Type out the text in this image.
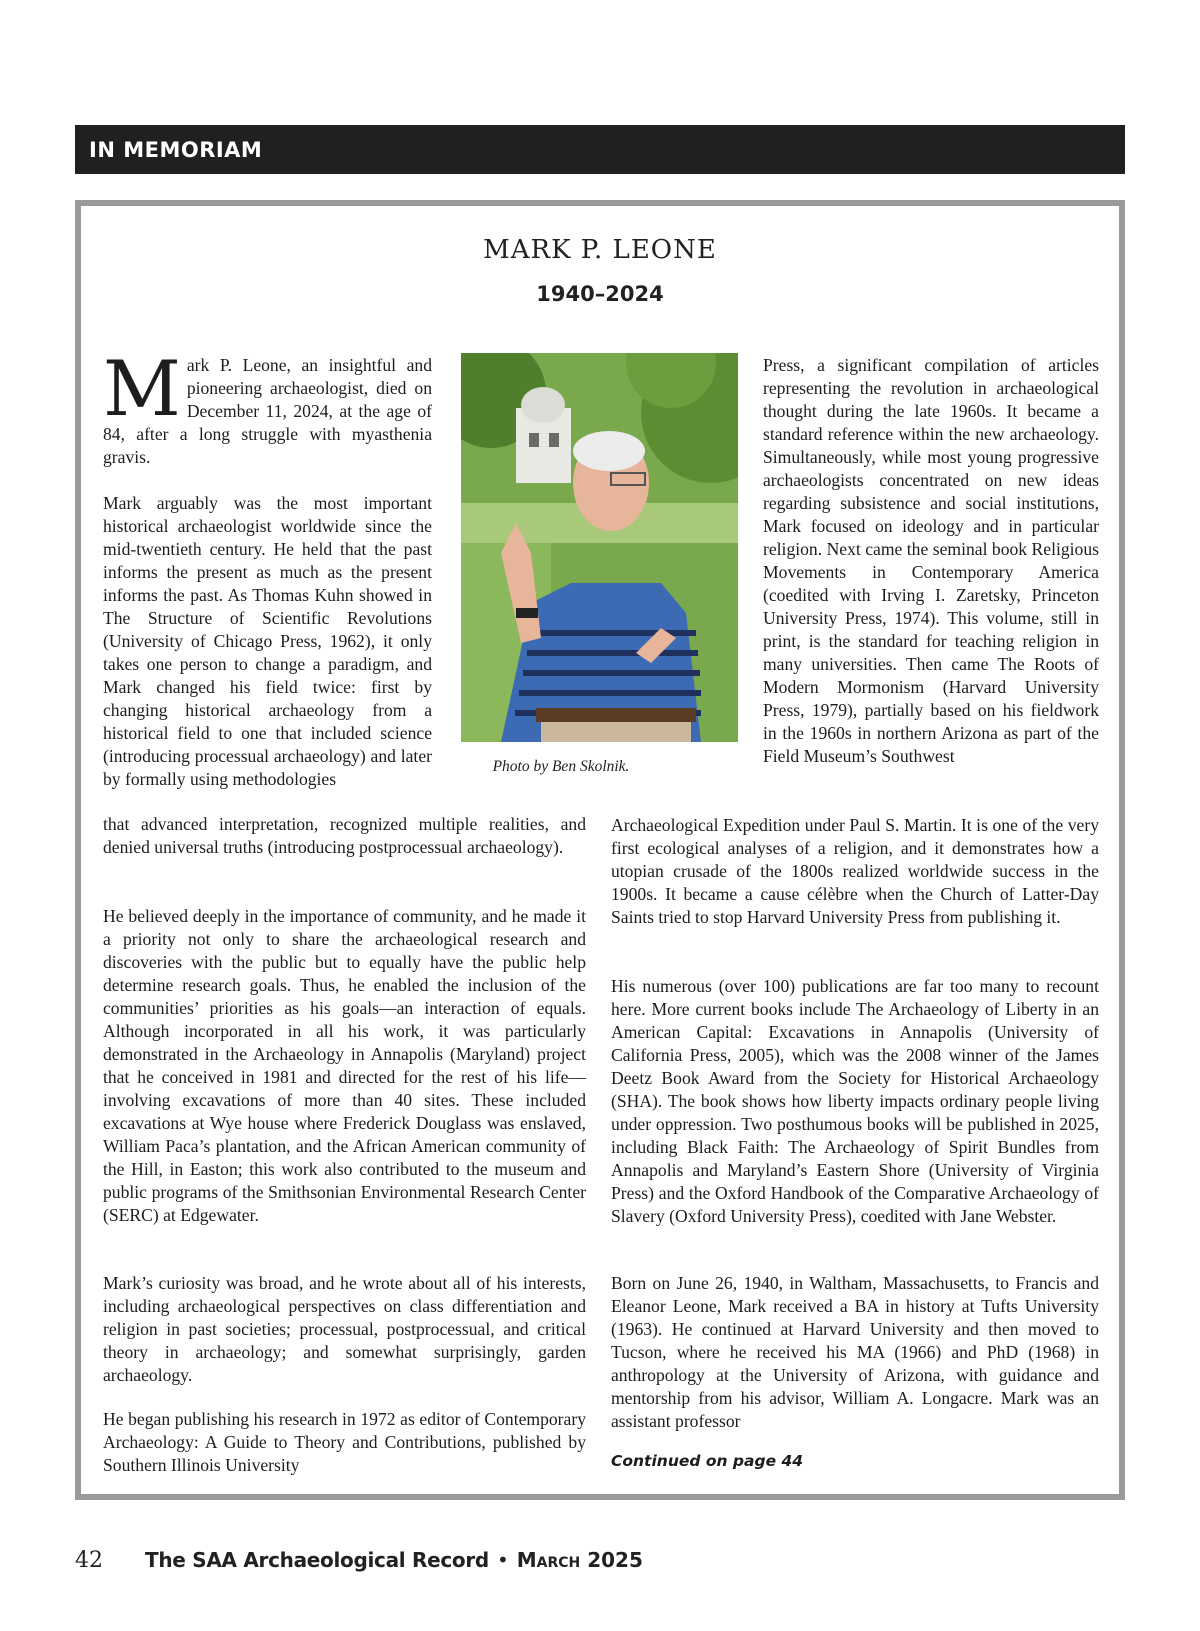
IN MEMORIAM
MARK P. LEONE
1940–2024

Mark P. Leone, an insightful and pioneering archaeologist, died on December 11, 2024, at the age of 84, after a long struggle with myasthenia gravis.

Mark arguably was the most important historical archaeologist worldwide since the mid-twentieth century. He held that the past informs the present as much as the present informs the past. As Thomas Kuhn showed in The Structure of Scientific Revolutions (University of Chicago Press, 1962), it only takes one person to change a paradigm, and Mark changed his field twice: first by changing historical archaeology from a historical field to one that included science (introducing processual archaeology) and later by formally using methodologies

that advanced interpretation, recognized multiple realities, and denied universal truths (introducing postprocessual archaeology).

He believed deeply in the importance of community, and he made it a priority not only to share the archaeological research and discoveries with the public but to equally have the public help determine research goals. Thus, he enabled the inclusion of the communities’ priorities as his goals—an interaction of equals. Although incorporated in all his work, it was particularly demonstrated in the Archaeology in Annapolis (Maryland) project that he conceived in 1981 and directed for the rest of his life—involving excavations of more than 40 sites. These included excavations at Wye house where Frederick Douglass was enslaved, William Paca’s plantation, and the African American community of the Hill, in Easton; this work also contributed to the museum and public programs of the Smithsonian Environmental Research Center (SERC) at Edgewater.

Mark’s curiosity was broad, and he wrote about all of his interests, including archaeological perspectives on class differentiation and religion in past societies; processual, postprocessual, and critical theory in archaeology; and somewhat surprisingly, garden archaeology.

He began publishing his research in 1972 as editor of Contemporary Archaeology: A Guide to Theory and Contributions, published by Southern Illinois University

Photo by Ben Skolnik.

Press, a significant compilation of articles representing the revolution in archaeological thought during the late 1960s. It became a standard reference within the new archaeology. Simultaneously, while most young progressive archaeologists concentrated on new ideas regarding subsistence and social institutions, Mark focused on ideology and in particular religion. Next came the seminal book Religious Movements in Contemporary America (coedited with Irving I. Zaretsky, Princeton University Press, 1974). This volume, still in print, is the standard for teaching religion in many universities. Then came The Roots of Modern Mormonism (Harvard University Press, 1979), partially based on his fieldwork in the 1960s in northern Arizona as part of the Field Museum’s Southwest

Archaeological Expedition under Paul S. Martin. It is one of the very first ecological analyses of a religion, and it demonstrates how a utopian crusade of the 1800s realized worldwide success in the 1900s. It became a cause célèbre when the Church of Latter-Day Saints tried to stop Harvard University Press from publishing it.

His numerous (over 100) publications are far too many to recount here. More current books include The Archaeology of Liberty in an American Capital: Excavations in Annapolis (University of California Press, 2005), which was the 2008 winner of the James Deetz Book Award from the Society for Historical Archaeology (SHA). The book shows how liberty impacts ordinary people living under oppression. Two posthumous books will be published in 2025, including Black Faith: The Archaeology of Spirit Bundles from Annapolis and Maryland’s Eastern Shore (University of Virginia Press) and the Oxford Handbook of the Comparative Archaeology of Slavery (Oxford University Press), coedited with Jane Webster.

Born on June 26, 1940, in Waltham, Massachusetts, to Francis and Eleanor Leone, Mark received a BA in history at Tufts University (1963). He continued at Harvard University and then moved to Tucson, where he received his MA (1966) and PhD (1968) in anthropology at the University of Arizona, with guidance and mentorship from his advisor, William A. Longacre. Mark was an assistant professor

Continued on page 44
42	The SAA Archaeological Record • March 2025
